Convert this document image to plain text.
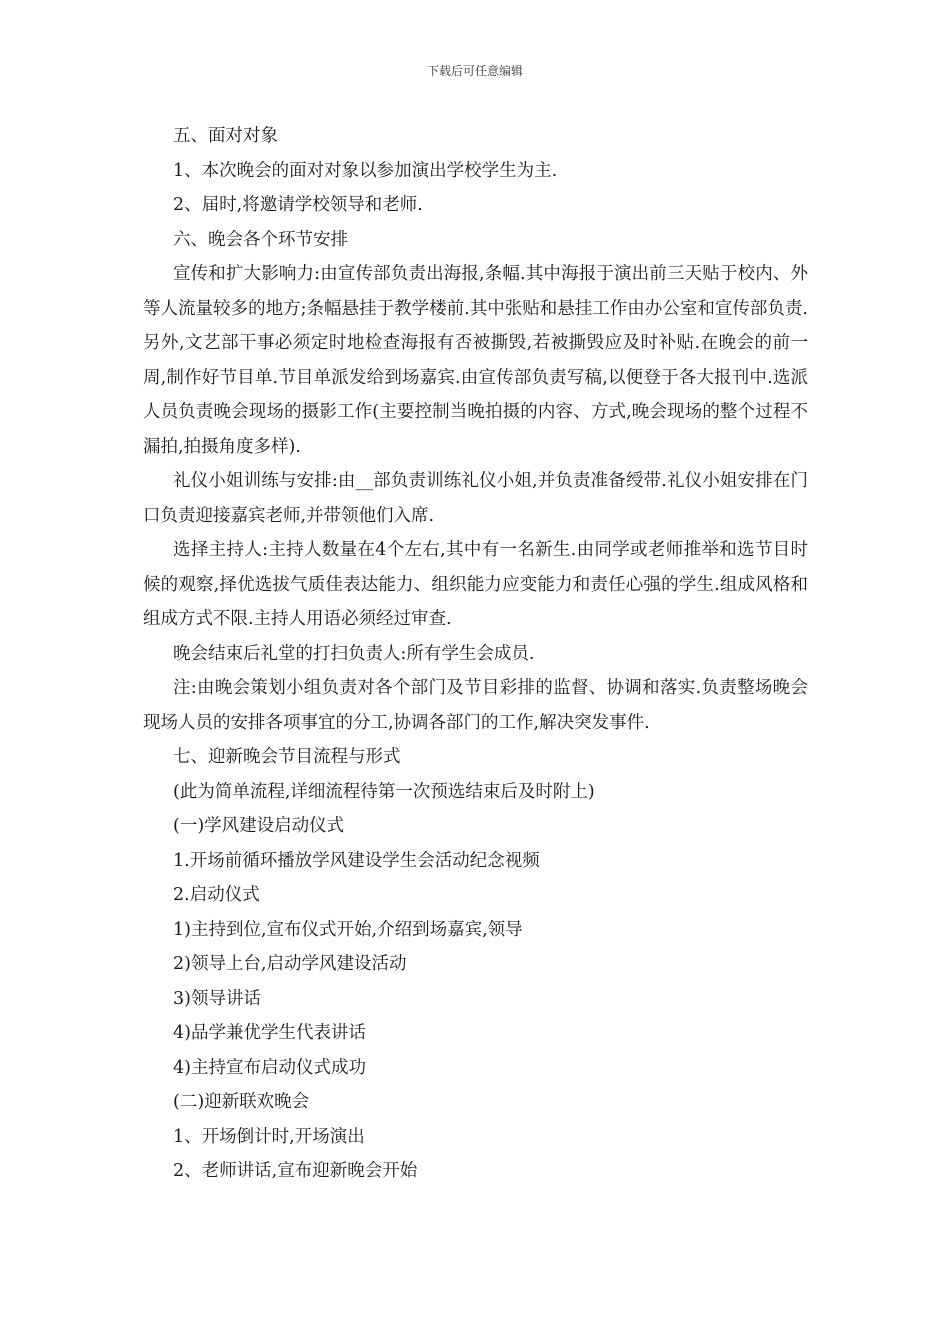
下载后可任意编辑

五、面对对象

1、本次晚会的面对对象以参加演出学校学生为主.

2、届时,将邀请学校领导和老师.

六、晚会各个环节安排

宣传和扩大影响力:由宣传部负责出海报,条幅.其中海报于演出前三天贴于校内、外等人流量较多的地方;条幅悬挂于教学楼前.其中张贴和悬挂工作由办公室和宣传部负责.另外,文艺部干事必须定时地检查海报有否被撕毁,若被撕毁应及时补贴.在晚会的前一周,制作好节目单.节目单派发给到场嘉宾.由宣传部负责写稿,以便登于各大报刊中.选派人员负责晚会现场的摄影工作(主要控制当晚拍摄的内容、方式,晚会现场的整个过程不漏拍,拍摄角度多样).

礼仪小姐训练与安排:由__部负责训练礼仪小姐,并负责准备绶带.礼仪小姐安排在门口负责迎接嘉宾老师,并带领他们入席.

选择主持人:主持人数量在4个左右,其中有一名新生.由同学或老师推举和选节目时候的观察,择优选拔气质佳表达能力、组织能力应变能力和责任心强的学生.组成风格和组成方式不限.主持人用语必须经过审查.

晚会结束后礼堂的打扫负责人:所有学生会成员.

注:由晚会策划小组负责对各个部门及节目彩排的监督、协调和落实.负责整场晚会现场人员的安排各项事宜的分工,协调各部门的工作,解决突发事件.

七、迎新晚会节目流程与形式

(此为简单流程,详细流程待第一次预选结束后及时附上)

(一)学风建设启动仪式

1.开场前循环播放学风建设学生会活动纪念视频

2.启动仪式

1)主持到位,宣布仪式开始,介绍到场嘉宾,领导

2)领导上台,启动学风建设活动

3)领导讲话

4)品学兼优学生代表讲话

4)主持宣布启动仪式成功

(二)迎新联欢晚会

1、开场倒计时,开场演出

2、老师讲话,宣布迎新晚会开始
